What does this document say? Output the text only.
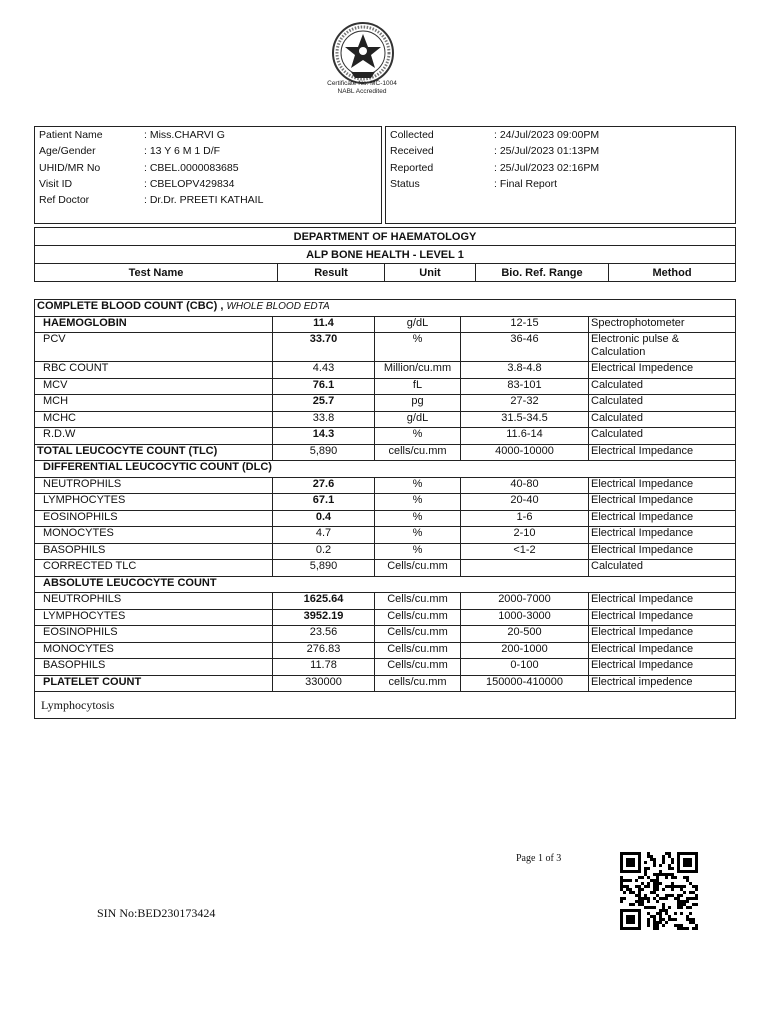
Certificate No: MC-1004
NABL Accredited
Patient Name	: Miss.CHARVI G
Age/Gender	: 13 Y 6 M 1 D/F
UHID/MR No	: CBEL.0000083685
Visit ID	: CBELOPV429834
Ref Doctor	: Dr.Dr. PREETI KATHAIL
Collected	: 24/Jul/2023 09:00PM
Received	: 25/Jul/2023 01:13PM
Reported	: 25/Jul/2023 02:16PM
Status	: Final Report
DEPARTMENT OF HAEMATOLOGY
ALP BONE HEALTH - LEVEL 1
Test Name	Result	Unit	Bio. Ref. Range	Method
COMPLETE BLOOD COUNT (CBC) , WHOLE BLOOD EDTA				
HAEMOGLOBIN	11.4	g/dL	12-15	Spectrophotometer
PCV	33.70	%	36-46	Electronic pulse & Calculation
RBC COUNT	4.43	Million/cu.mm	3.8-4.8	Electrical Impedence
MCV	76.1	fL	83-101	Calculated
MCH	25.7	pg	27-32	Calculated
MCHC	33.8	g/dL	31.5-34.5	Calculated
R.D.W	14.3	%	11.6-14	Calculated
TOTAL LEUCOCYTE COUNT (TLC)	5,890	cells/cu.mm	4000-10000	Electrical Impedance
DIFFERENTIAL LEUCOCYTIC COUNT (DLC)				
NEUTROPHILS	27.6	%	40-80	Electrical Impedance
LYMPHOCYTES	67.1	%	20-40	Electrical Impedance
EOSINOPHILS	0.4	%	1-6	Electrical Impedance
MONOCYTES	4.7	%	2-10	Electrical Impedance
BASOPHILS	0.2	%	<1-2	Electrical Impedance
CORRECTED TLC	5,890	Cells/cu.mm		Calculated
ABSOLUTE LEUCOCYTE COUNT				
NEUTROPHILS	1625.64	Cells/cu.mm	2000-7000	Electrical Impedance
LYMPHOCYTES	3952.19	Cells/cu.mm	1000-3000	Electrical Impedance
EOSINOPHILS	23.56	Cells/cu.mm	20-500	Electrical Impedance
MONOCYTES	276.83	Cells/cu.mm	200-1000	Electrical Impedance
BASOPHILS	11.78	Cells/cu.mm	0-100	Electrical Impedance
PLATELET COUNT	330000	cells/cu.mm	150000-410000	Electrical impedence
Lymphocytosis				
Page 1 of 3
SIN No:BED230173424
